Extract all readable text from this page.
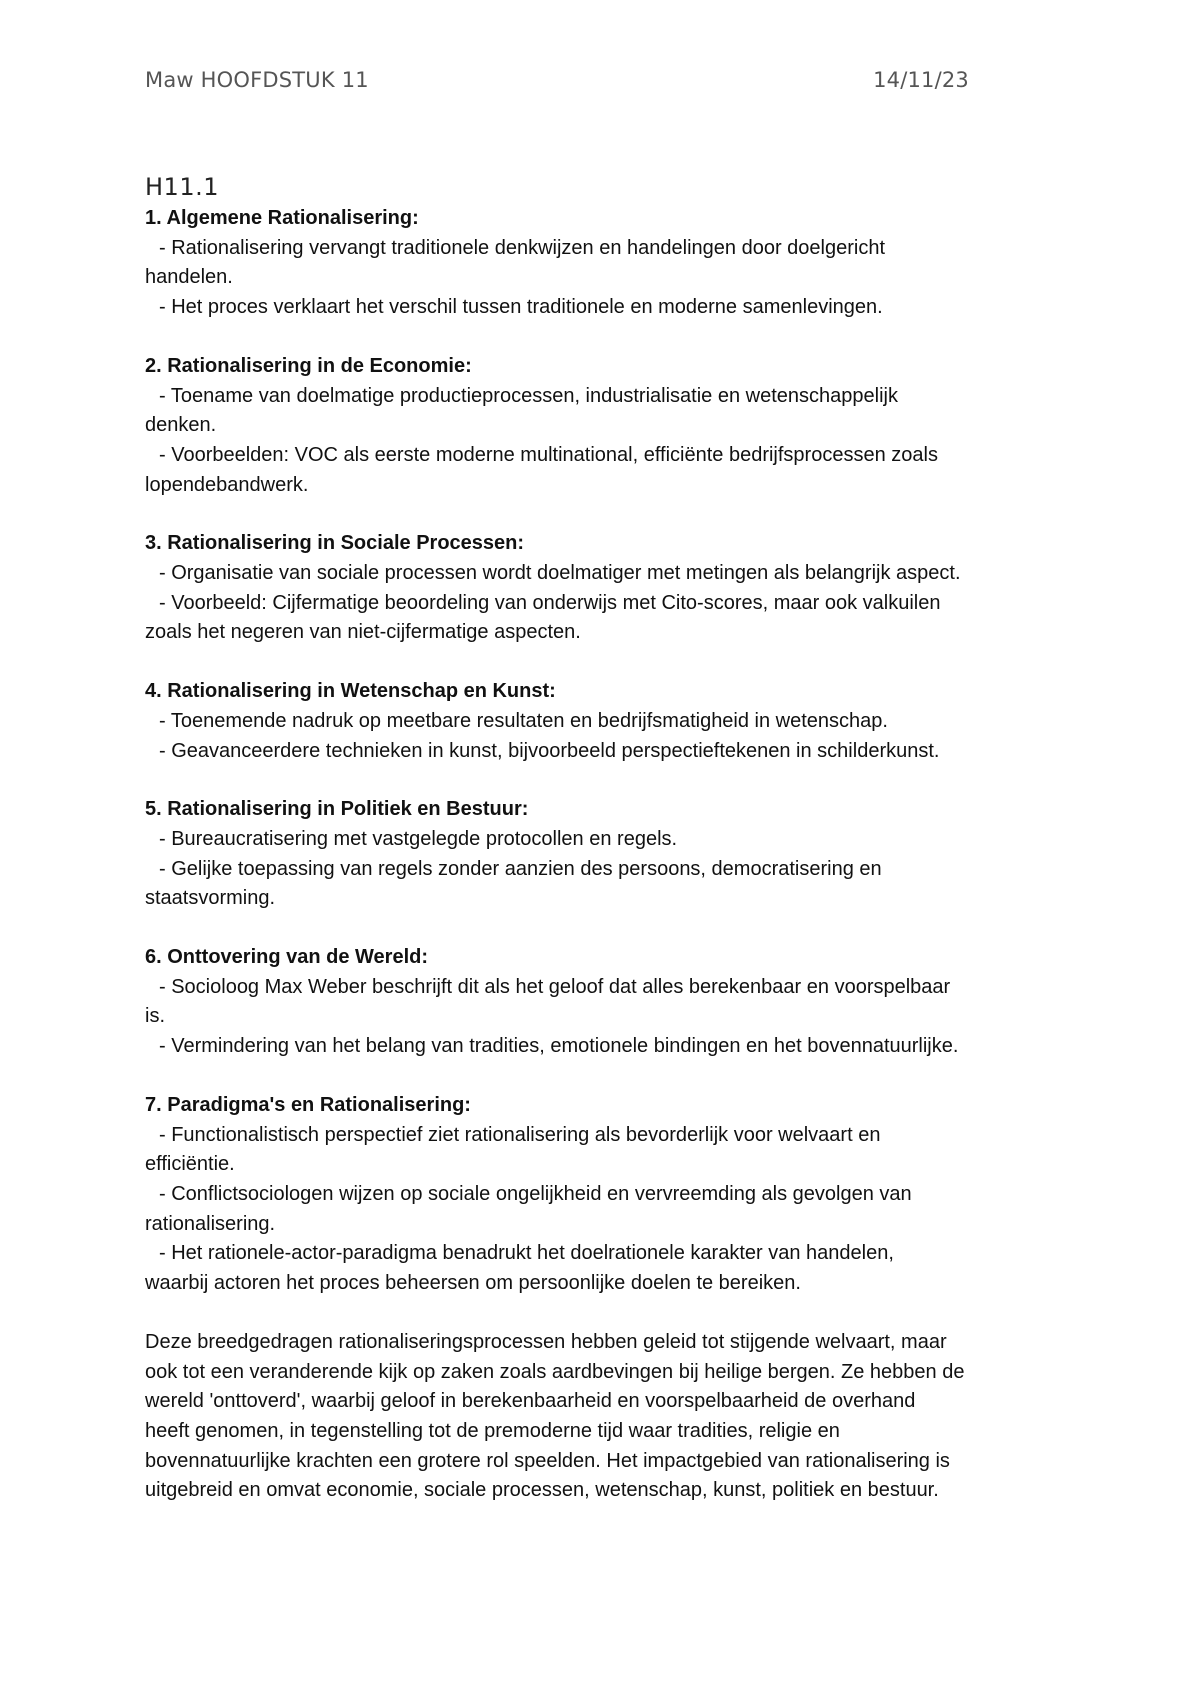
Maw HOOFDSTUK 11	14/11/23
H11.1
1. Algemene Rationalisering:
- Rationalisering vervangt traditionele denkwijzen en handelingen door doelgericht
handelen.
- Het proces verklaart het verschil tussen traditionele en moderne samenlevingen.
2. Rationalisering in de Economie:
- Toename van doelmatige productieprocessen, industrialisatie en wetenschappelijk
denken.
- Voorbeelden: VOC als eerste moderne multinational, efficiënte bedrijfsprocessen zoals
lopendebandwerk.
3. Rationalisering in Sociale Processen:
- Organisatie van sociale processen wordt doelmatiger met metingen als belangrijk aspect.
- Voorbeeld: Cijfermatige beoordeling van onderwijs met Cito-scores, maar ook valkuilen
zoals het negeren van niet-cijfermatige aspecten.
4. Rationalisering in Wetenschap en Kunst:
- Toenemende nadruk op meetbare resultaten en bedrijfsmatigheid in wetenschap.
- Geavanceerdere technieken in kunst, bijvoorbeeld perspectieftekenen in schilderkunst.
5. Rationalisering in Politiek en Bestuur:
- Bureaucratisering met vastgelegde protocollen en regels.
- Gelijke toepassing van regels zonder aanzien des persoons, democratisering en
staatsvorming.
6. Onttovering van de Wereld:
- Socioloog Max Weber beschrijft dit als het geloof dat alles berekenbaar en voorspelbaar
is.
- Vermindering van het belang van tradities, emotionele bindingen en het bovennatuurlijke.
7. Paradigma's en Rationalisering:
- Functionalistisch perspectief ziet rationalisering als bevorderlijk voor welvaart en
efficiëntie.
- Conflictsociologen wijzen op sociale ongelijkheid en vervreemding als gevolgen van
rationalisering.
- Het rationele-actor-paradigma benadrukt het doelrationele karakter van handelen,
waarbij actoren het proces beheersen om persoonlijke doelen te bereiken.
Deze breedgedragen rationaliseringsprocessen hebben geleid tot stijgende welvaart, maar
ook tot een veranderende kijk op zaken zoals aardbevingen bij heilige bergen. Ze hebben de
wereld 'onttoverd', waarbij geloof in berekenbaarheid en voorspelbaarheid de overhand
heeft genomen, in tegenstelling tot de premoderne tijd waar tradities, religie en
bovennatuurlijke krachten een grotere rol speelden. Het impactgebied van rationalisering is
uitgebreid en omvat economie, sociale processen, wetenschap, kunst, politiek en bestuur.
